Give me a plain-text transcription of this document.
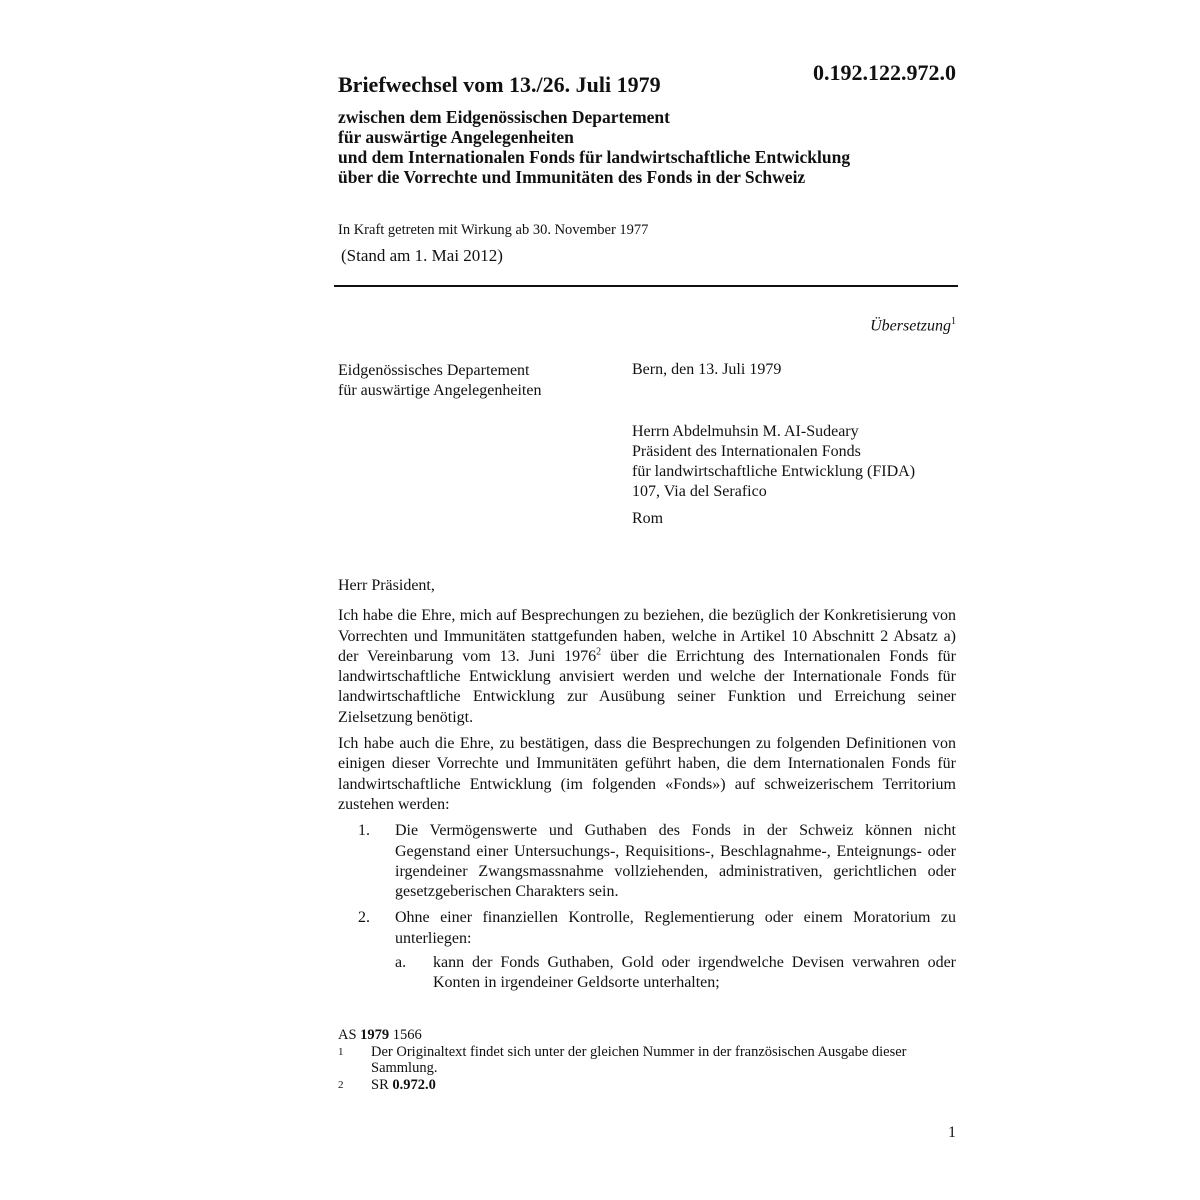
0.192.122.972.0
Briefwechsel vom 13./26. Juli 1979
zwischen dem Eidgenössischen Departement
für auswärtige Angelegenheiten
und dem Internationalen Fonds für landwirtschaftliche Entwicklung
über die Vorrechte und Immunitäten des Fonds in der Schweiz
In Kraft getreten mit Wirkung ab 30. November 1977
(Stand am 1. Mai 2012)
Übersetzung$^1$
Eidgenössisches Departement
für auswärtige Angelegenheiten
Bern, den 13. Juli 1979
Herrn Abdelmuhsin M. AI-Sudeary
Präsident des Internationalen Fonds
für landwirtschaftliche Entwicklung (FIDA)
107, Via del Serafico
Rom

Herr Präsident,

Ich habe die Ehre, mich auf Besprechungen zu beziehen, die bezüglich der Konkretisierung von Vorrechten und Immunitäten stattgefunden haben, welche in Artikel 10 Abschnitt 2 Absatz a) der Vereinbarung vom 13. Juni 1976$^2$ über die Errichtung des Internationalen Fonds für landwirtschaftliche Entwicklung anvisiert werden und welche der Internationale Fonds für landwirtschaftliche Entwicklung zur Ausübung seiner Funktion und Erreichung seiner Zielsetzung benötigt.

Ich habe auch die Ehre, zu bestätigen, dass die Besprechungen zu folgenden Definitionen von einigen dieser Vorrechte und Immunitäten geführt haben, die dem Internationalen Fonds für landwirtschaftliche Entwicklung (im folgenden «Fonds») auf schweizerischem Territorium zustehen werden:

1.	Die Vermögenswerte und Guthaben des Fonds in der Schweiz können nicht Gegenstand einer Untersuchungs-, Requisitions-, Beschlagnahme-, Enteignungs- oder irgendeiner Zwangsmassnahme vollziehenden, administrativen, gerichtlichen oder gesetzgeberischen Charakters sein.
2.	Ohne einer finanziellen Kontrolle, Reglementierung oder einem Moratorium zu unterliegen:
a.	kann der Fonds Guthaben, Gold oder irgendwelche Devisen verwahren oder Konten in irgendeiner Geldsorte unterhalten;
AS 1979 1566
1	Der Originaltext findet sich unter der gleichen Nummer in der französischen Ausgabe dieser Sammlung.
2	SR 0.972.0
1
